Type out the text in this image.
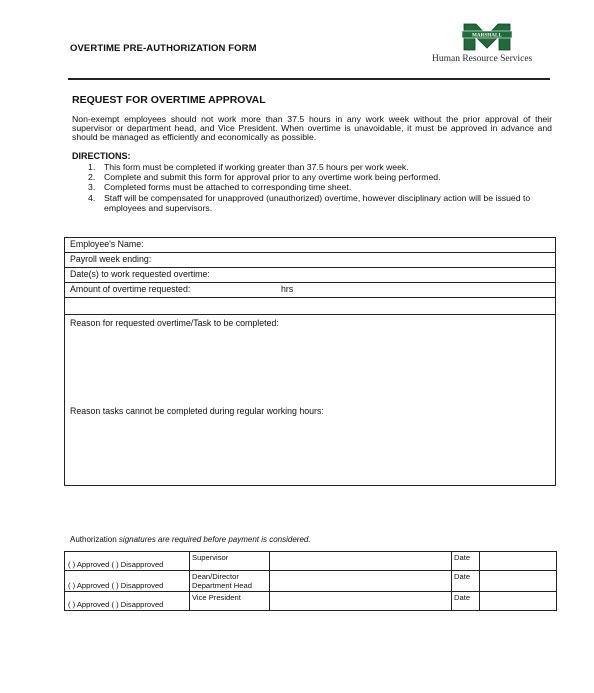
OVERTIME PRE-AUTHORIZATION FORM
MARSHALL
Human Resource Services
REQUEST FOR OVERTIME APPROVAL
Non-exempt employees should not work more than 37.5 hours in any work week without the prior approval of their supervisor or department head, and Vice President. When overtime is unavoidable, it must be approved in advance and should be managed as efficiently and economically as possible.
DIRECTIONS:
1. This form must be completed if working greater than 37.5 hours per work week.
2. Complete and submit this form for approval prior to any overtime work being performed.
3. Completed forms must be attached to corresponding time sheet.
4. Staff will be compensated for unapproved (unauthorized) overtime, however disciplinary action will be issued to employees and supervisors.
Employee's Name:
Payroll week ending:
Date(s) to work requested overtime:
Amount of overtime requested:	hrs
Reason for requested overtime/Task to be completed:
Reason tasks cannot be completed during regular working hours:
Authorization signatures are required before payment is considered.
( ) Approved ( ) Disapproved	Supervisor		Date	
( ) Approved ( ) Disapproved	Dean/Director
Department Head		Date	
( ) Approved ( ) Disapproved	Vice President		Date	
